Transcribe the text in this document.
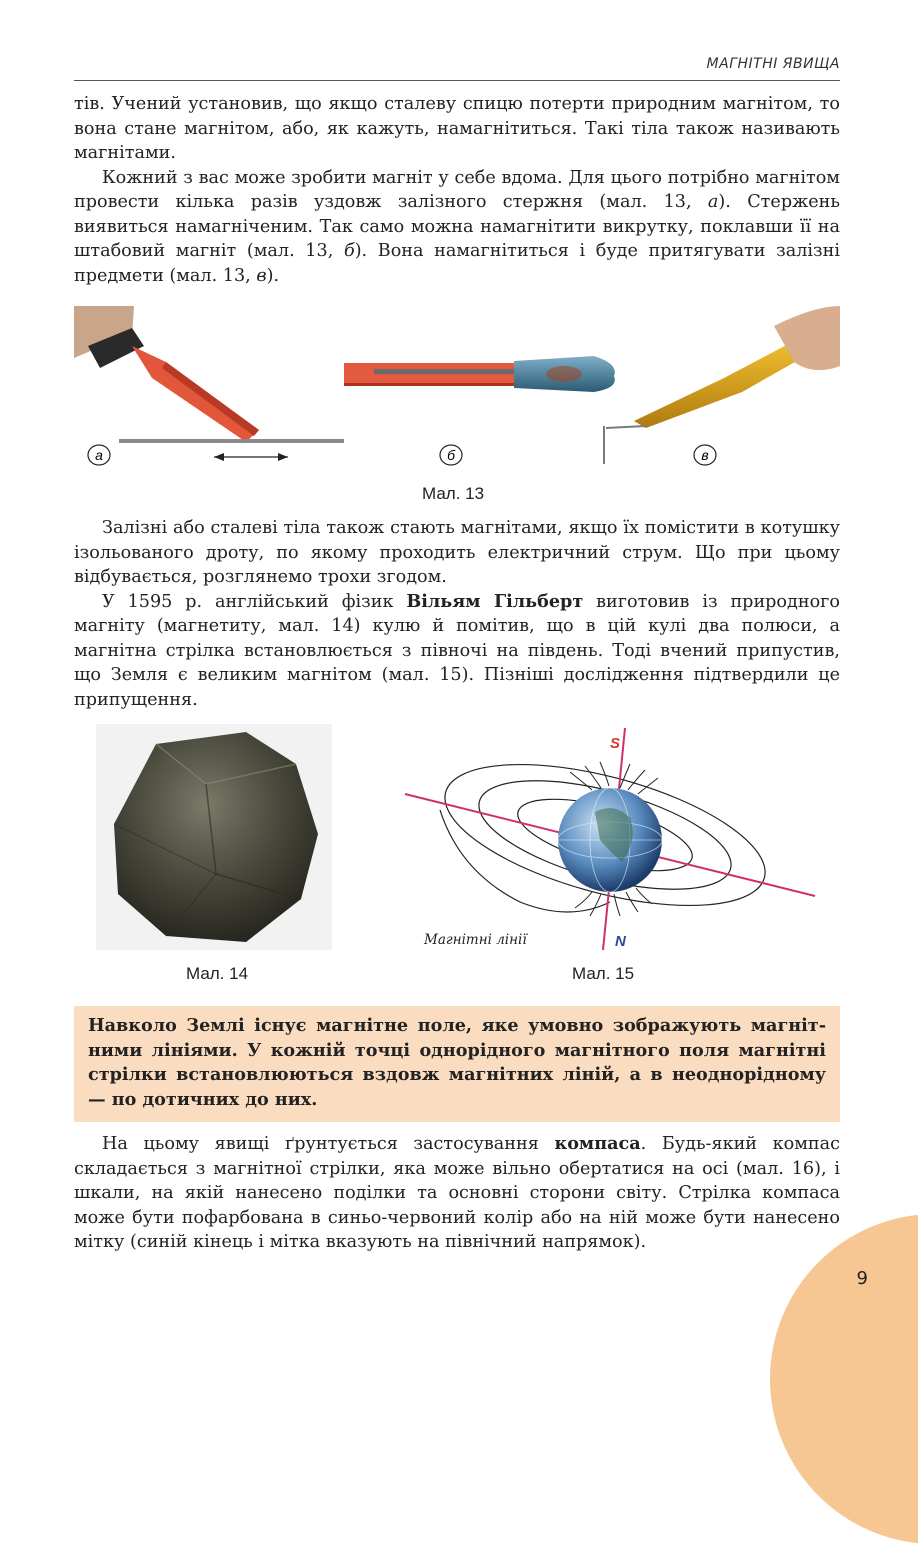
МАГНІТНІ ЯВИЩА

тів. Учений установив, що якщо сталеву спицю потерти природним магнітом, то вона стане магнітом, або, як кажуть, намагнітиться. Такі тіла також називають магнітами.

Кожний з вас може зробити магніт у себе вдома. Для цього потрібно магнітом провести кілька разів уздовж залізного стержня (мал. 13, а). Стержень виявиться намагніченим. Так само можна намагнітити викрутку, поклавши її на штабовий магніт (мал. 13, б). Вона намагнітиться і буде притягувати залізні предмети (мал. 13, в).

а	б	в
Мал. 13

Залізні або сталеві тіла також стають магнітами, якщо їх помістити в котушку ізольованого дроту, по якому проходить електричний струм. Що при цьому відбувається, розглянемо трохи згодом.

У 1595 р. англійський фізик Вільям Гільберт виготовив із природного магніту (магнетиту, мал. 14) кулю й помітив, що в цій кулі два полюси, а магнітна стрілка встановлюється з півночі на південь. Тоді вчений припустив, що Земля є великим магнітом (мал. 15). Пізніші дослідження підтвердили це припущення.

Мал. 14
S
N
Магнітні лінії
Мал. 15
Навколо Землі існує магнітне поле, яке умовно зображують магнітними лініями. У кожній точці однорідного магнітного поля магнітні стрілки встановлюються вздовж магнітних ліній, а в неоднорідному — по дотичних до них.

На цьому явищі ґрунтується застосування компаса. Будь-який компас складається з магнітної стрілки, яка може вільно обертатися на осі (мал. 16), і шкали, на якій нанесено поділки та основні сторони світу. Стрілка компаса може бути пофарбована в синьо-червоний колір або на ній може бути нанесено мітку (синій кінець і мітка вказують на північний напрямок).

9
